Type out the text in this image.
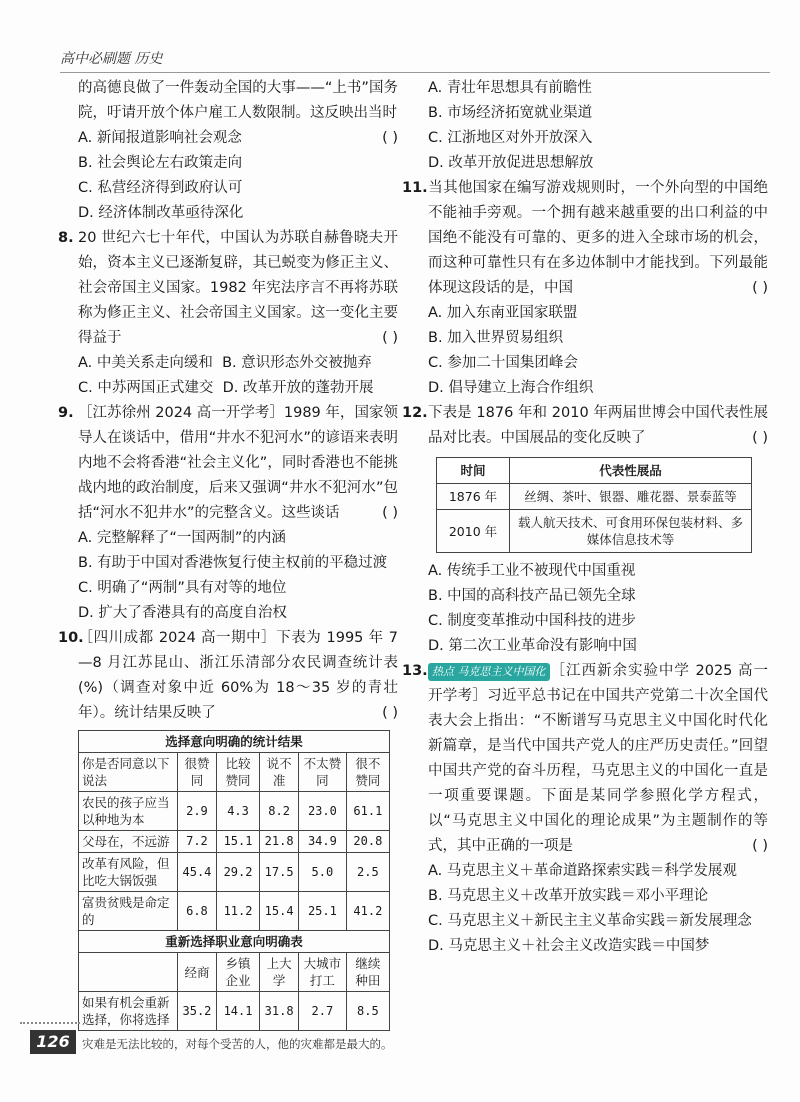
高中必刷题 历史

的高德良做了一件轰动全国的大事——“上书”国务院，吁请开放个体户雇工人数限制。这反映出当时
( )

A. 新闻报道影响社会观念

B. 社会舆论左右政策走向

C. 私营经济得到政府认可

D. 经济体制改革亟待深化

8. 20 世纪六七十年代，中国认为苏联自赫鲁晓夫开始，资本主义已逐渐复辟，其已蜕变为修正主义、社会帝国主义国家。1982 年宪法序言不再将苏联称为修正主义、社会帝国主义国家。这一变化主要得益于	( )

A. 中美关系走向缓和 B. 意识形态外交被抛弃

C. 中苏两国正式建交 D. 改革开放的蓬勃开展

9. ［江苏徐州 2024 高一开学考］1989 年，国家领导人在谈话中，借用“井水不犯河水”的谚语来表明内地不会将香港“社会主义化”，同时香港也不能挑战内地的政治制度，后来又强调“井水不犯河水”包括“河水不犯井水”的完整含义。这些谈话	( )

A. 完整解释了“一国两制”的内涵

B. 有助于中国对香港恢复行使主权前的平稳过渡

C. 明确了“两制”具有对等的地位

D. 扩大了香港具有的高度自治权

10.［四川成都 2024 高一期中］下表为 1995 年 7—8 月江苏昆山、浙江乐清部分农民调查统计表(%)（调查对象中近 60%为 18～35 岁的青壮年）。统计结果反映了	( )

选择意向明确的统计结果					
你是否同意以下说法	很赞同	比较赞同	说不准	不太赞同	很不赞同
农民的孩子应当以种地为本	2.9	4.3	8.2	23.0	61.1
父母在，不远游	7.2	15.1	21.8	34.9	20.8
改革有风险，但比吃大锅饭强	45.4	29.2	17.5	5.0	2.5
富贵贫贱是命定的	6.8	11.2	15.4	25.1	41.2
重新选择职业意向明确表					
	经商	乡镇企业	上大学	大城市打工	继续种田
如果有机会重新选择，你将选择	35.2	14.1	31.8	2.7	8.5

A. 青壮年思想具有前瞻性

B. 市场经济拓宽就业渠道

C. 江浙地区对外开放深入

D. 改革开放促进思想解放

11.当其他国家在编写游戏规则时，一个外向型的中国绝不能袖手旁观。一个拥有越来越重要的出口利益的中国绝不能没有可靠的、更多的进入全球市场的机会，而这种可靠性只有在多边体制中才能找到。下列最能体现这段话的是，中国	( )

A. 加入东南亚国家联盟

B. 加入世界贸易组织

C. 参加二十国集团峰会

D. 倡导建立上海合作组织

12.下表是 1876 年和 2010 年两届世博会中国代表性展品对比表。中国展品的变化反映了	( )

时间	代表性展品
1876 年	丝绸、茶叶、银器、雕花器、景泰蓝等
2010 年	载人航天技术、可食用环保包装材料、多媒体信息技术等

A. 传统手工业不被现代中国重视

B. 中国的高科技产品已领先全球

C. 制度变革推动中国科技的进步

D. 第二次工业革命没有影响中国

13. 热点 马克思主义中国化 ［江西新余实验中学 2025 高一开学考］习近平总书记在中国共产党第二十次全国代表大会上指出：“不断谱写马克思主义中国化时代化新篇章，是当代中国共产党人的庄严历史责任。”回望中国共产党的奋斗历程，马克思主义的中国化一直是一项重要课题。下面是某同学参照化学方程式，以“马克思主义中国化的理论成果”为主题制作的等式，其中正确的一项是	( )

A. 马克思主义＋革命道路探索实践＝科学发展观

B. 马克思主义＋改革开放实践＝邓小平理论

C. 马克思主义＋新民主主义革命实践＝新发展理念

D. 马克思主义＋社会主义改造实践＝中国梦

126	灾难是无法比较的，对每个受苦的人，他的灾难都是最大的。
